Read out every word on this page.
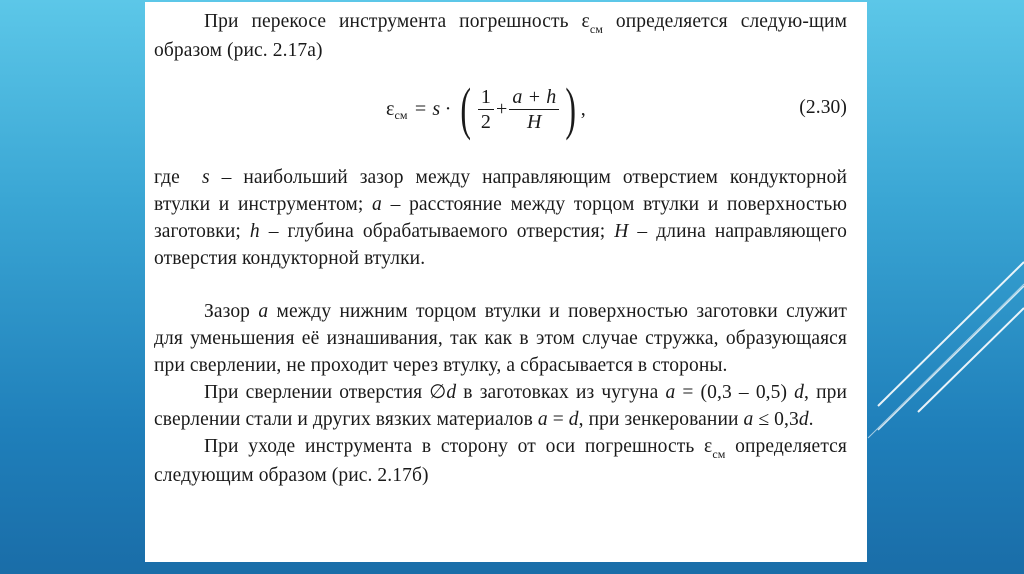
При перекосе инструмента погрешность $\varepsilon_{см}$ определяется следую-щим образом (рис. 2.17а)

ε см = s · ( $\frac{1}{2} + \frac{a + h}{H}$ ) ,	(2.30)

где s – наибольший зазор между направляющим отверстием кондукторной втулки и инструментом; a – расстояние между торцом втулки и поверхностью заготовки; h – глубина обрабатываемого отверстия; H – длина направляющего отверстия кондукторной втулки.

Зазор a между нижним торцом втулки и поверхностью заготовки служит для уменьшения её изнашивания, так как в этом случае стружка, образующаяся при сверлении, не проходит через втулку, а сбрасывается в стороны.

При сверлении отверстия ∅d в заготовках из чугуна a = (0,3 – 0,5) d, при сверлении стали и других вязких материалов a = d, при зенкеровании a ≤ 0,3d.

При уходе инструмента в сторону от оси погрешность $\varepsilon_{см}$ определяется следующим образом (рис. 2.17б)
